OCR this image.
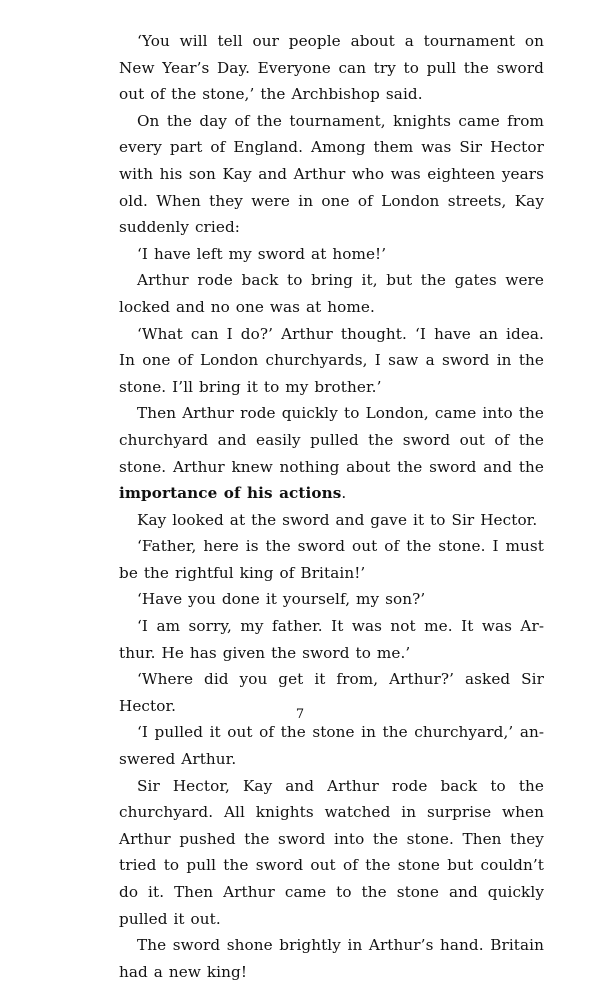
‘You will tell our people about a tournament on New Year’s Day. Everyone can try to pull the sword out of the stone,’ the Archbishop said.

On the day of the tournament, knights came from every part of England. Among them was Sir Hector with his son Kay and Arthur who was eighteen years old. When they were in one of London streets, Kay suddenly cried:

‘I have left my sword at home!’

Arthur rode back to bring it, but the gates were locked and no one was at home.

‘What can I do?’ Arthur thought. ‘I have an idea. In one of London churchyards, I saw a sword in the stone. I’ll bring it to my brother.’

Then Arthur rode quickly to London, came into the churchyard and easily pulled the sword out of the stone. Arthur knew nothing about the sword and the importance of his actions.

Kay looked at the sword and gave it to Sir Hector.

‘Father, here is the sword out of the stone. I must be the rightful king of Britain!’

‘Have you done it yourself, my son?’

‘I am sorry, my father. It was not me. It was Arthur. He has given the sword to me.’

‘Where did you get it from, Arthur?’ asked Sir Hector.

‘I pulled it out of the stone in the churchyard,’ answered Arthur.

Sir Hector, Kay and Arthur rode back to the churchyard. All knights watched in surprise when Arthur pushed the sword into the stone. Then they tried to pull the sword out of the stone but couldn’t do it. Then Arthur came to the stone and quickly pulled it out.

The sword shone brightly in Arthur’s hand. Britain had a new king!

7
